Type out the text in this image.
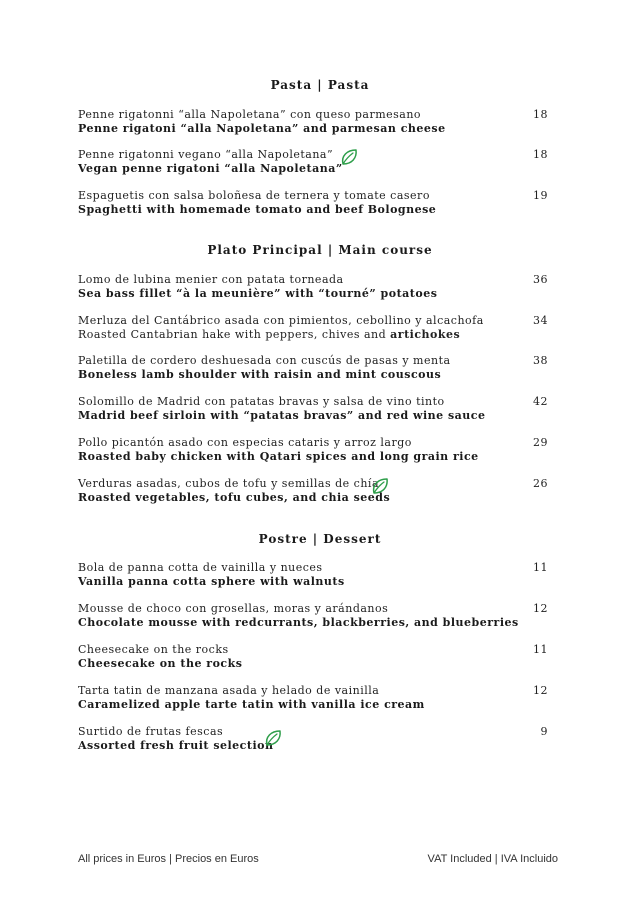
Pasta | Pasta
Penne rigatonni “alla Napoletana” con queso parmesano
Penne rigatoni “alla Napoletana” and parmesan cheese
18
Penne rigatonni vegano “alla Napoletana”
Vegan penne rigatoni “alla Napoletana”
18
Espaguetis con salsa boloñesa de ternera y tomate casero
Spaghetti with homemade tomato and beef Bolognese
19
Plato Principal | Main course
Lomo de lubina menier con patata torneada
Sea bass fillet “à la meunière” with “tourné” potatoes
36
Merluza del Cantábrico asada con pimientos, cebollino y alcachofa
Roasted Cantabrian hake with peppers, chives and artichokes
34
Paletilla de cordero deshuesada con cuscús de pasas y menta
Boneless lamb shoulder with raisin and mint couscous
38
Solomillo de Madrid con patatas bravas y salsa de vino tinto
Madrid beef sirloin with “patatas bravas” and red wine sauce
42
Pollo picantón asado con especias cataris y arroz largo
Roasted baby chicken with Qatari spices and long grain rice
29
Verduras asadas, cubos de tofu y semillas de chía
Roasted vegetables, tofu cubes, and chia seeds
26
Postre | Dessert
Bola de panna cotta de vainilla y nueces
Vanilla panna cotta sphere with walnuts
11
Mousse de choco con grosellas, moras y arándanos
Chocolate mousse with redcurrants, blackberries, and blueberries
12
Cheesecake on the rocks
Cheesecake on the rocks
11
Tarta tatin de manzana asada y helado de vainilla
Caramelized apple tarte tatin with vanilla ice cream
12
Surtido de frutas fescas
Assorted fresh fruit selection
9
All prices in Euros | Precios en Euros	VAT Included | IVA Incluido
